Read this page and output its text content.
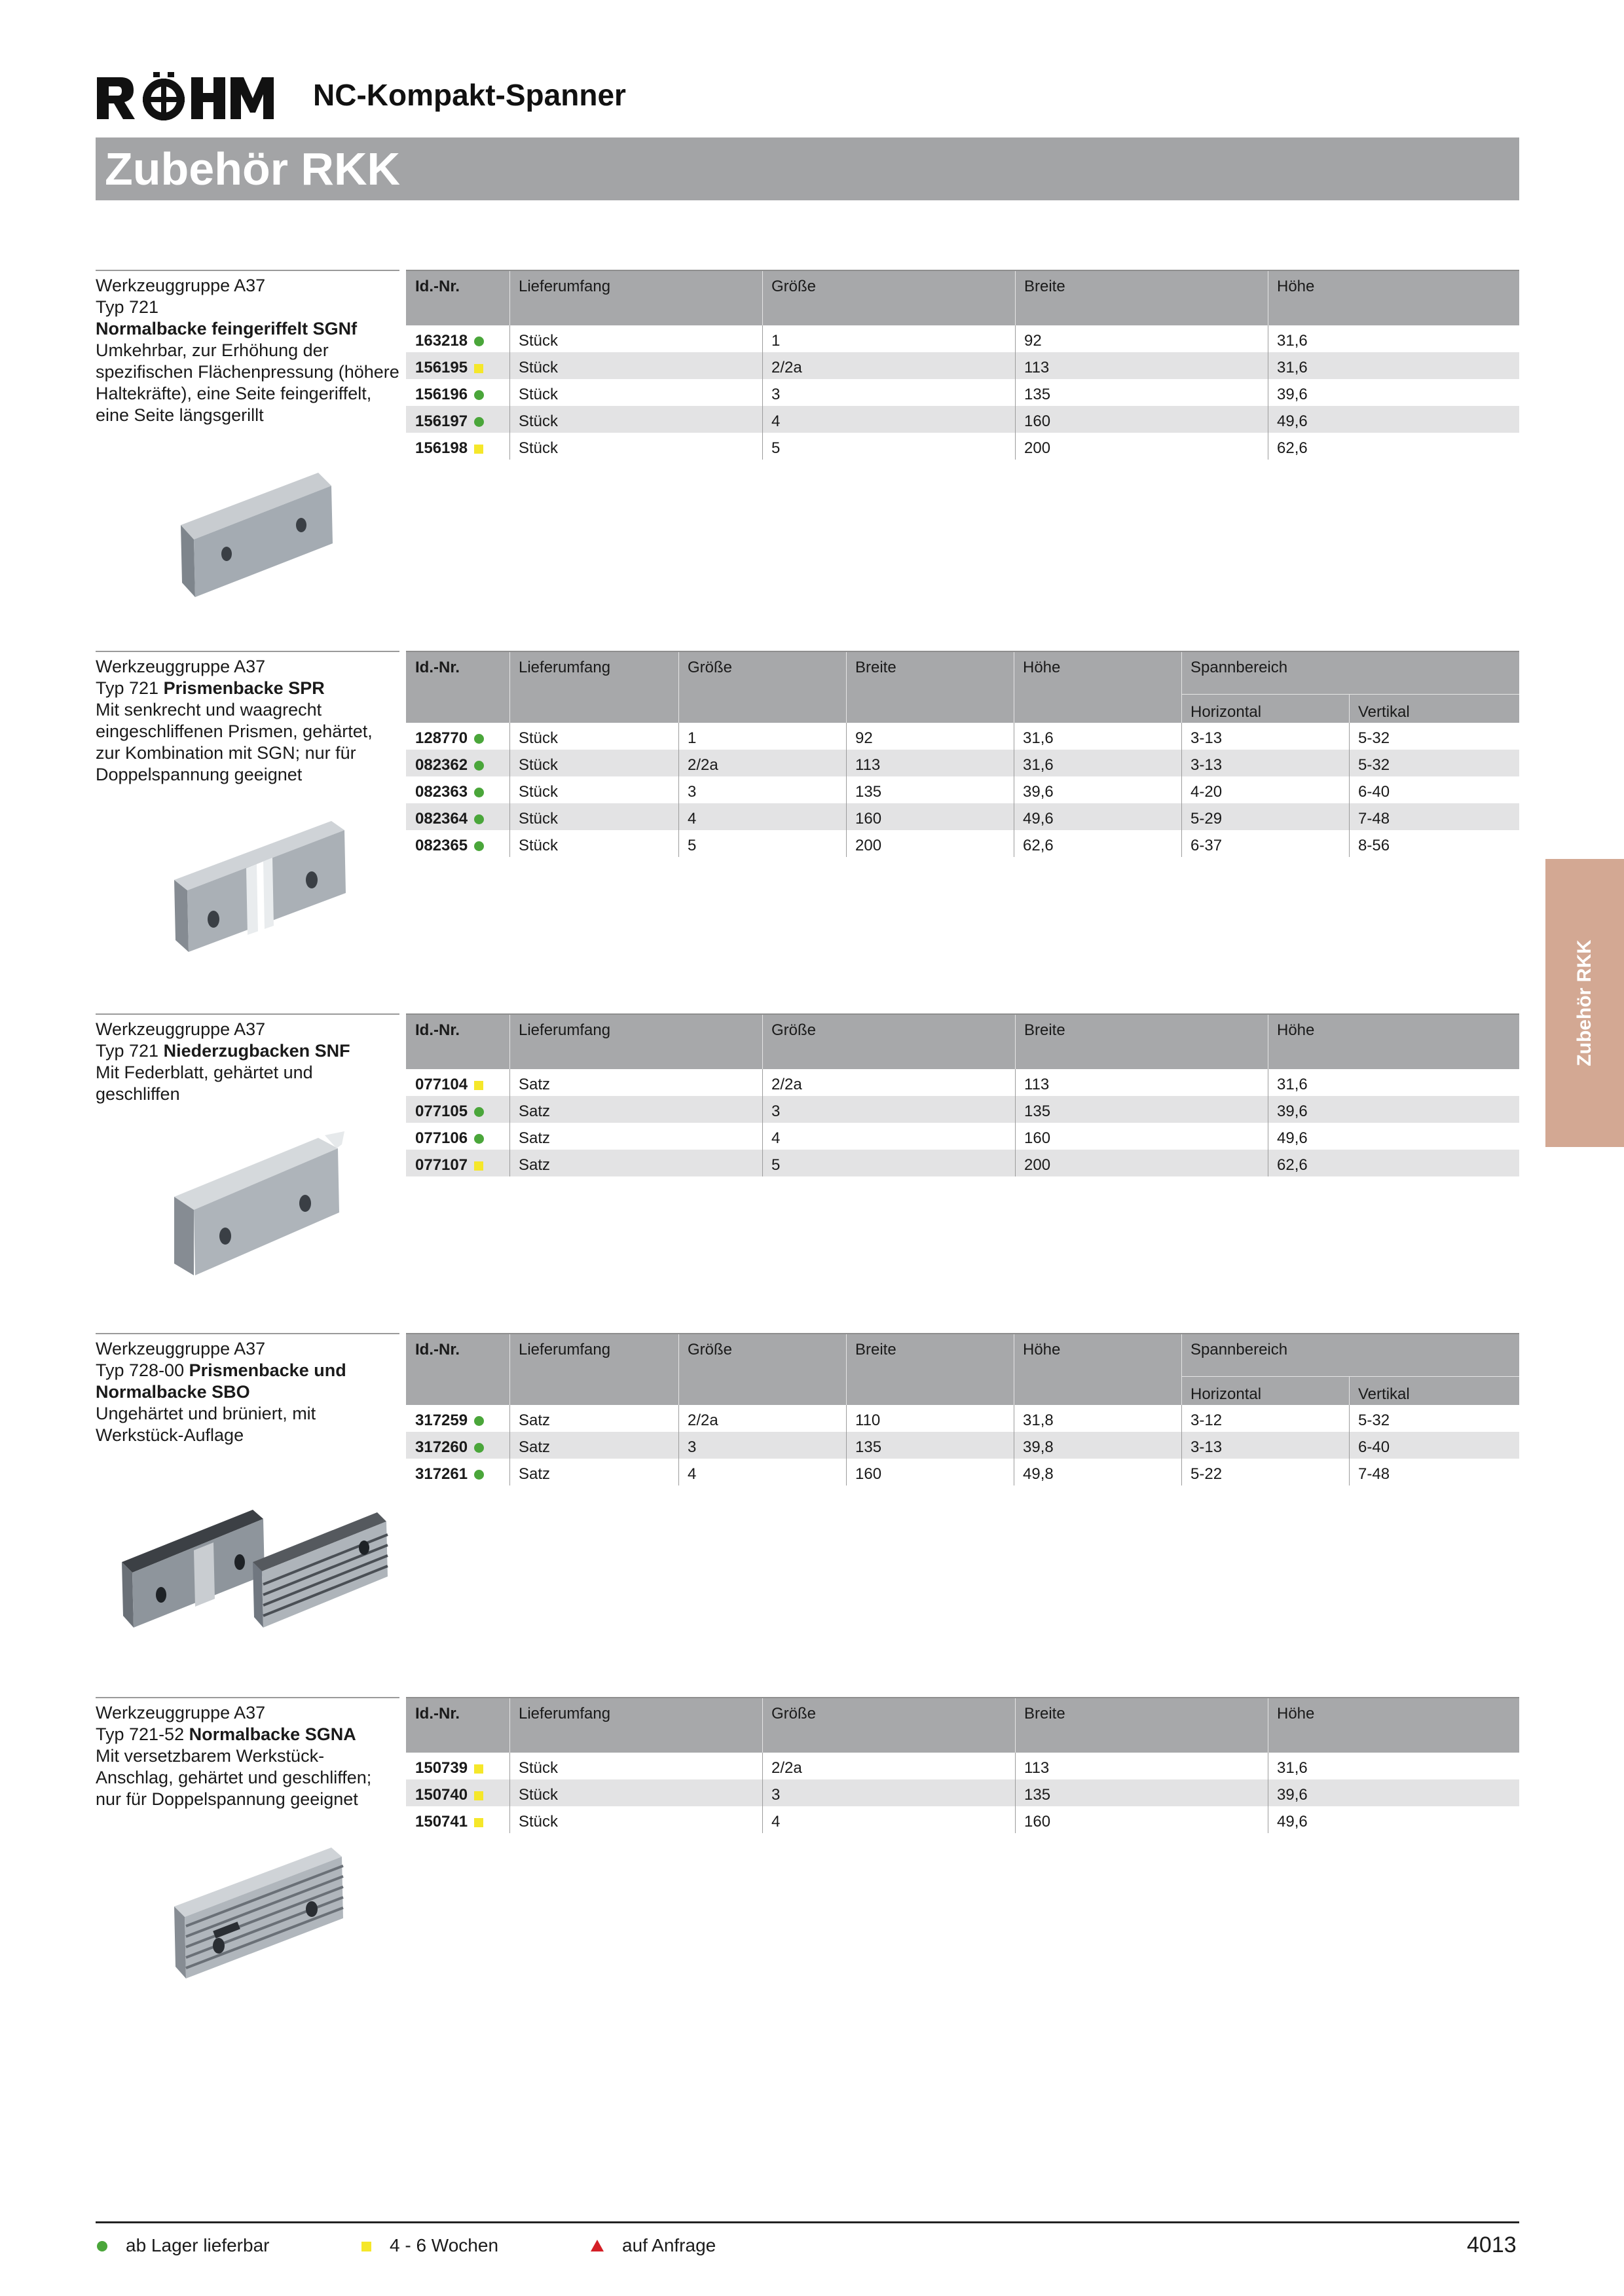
NC-Kompakt-Spanner
Zubehör RKK
Zubehör RKK
Werkzeuggruppe A37
Typ 721
Normalbacke feingeriffelt SGNf
Umkehrbar, zur Erhöhung der spezifischen Flächenpressung (höhere Haltekräfte), eine Seite feingeriffelt, eine Seite längsgerillt
Id.-Nr.	Lieferumfang	Größe	Breite	Höhe
163218	Stück	1	92	31,6
156195	Stück	2/2a	113	31,6
156196	Stück	3	135	39,6
156197	Stück	4	160	49,6
156198	Stück	5	200	62,6
Werkzeuggruppe A37
Typ 721 Prismenbacke SPR
Mit senkrecht und waagrecht eingeschliffenen Prismen, gehärtet, zur Kombination mit SGN; nur für Doppelspannung geeignet
Id.-Nr.	Lieferumfang	Größe	Breite	Höhe	Spannbereich
Horizontal	Vertikal
128770	Stück	1	92	31,6	3-13	5-32
082362	Stück	2/2a	113	31,6	3-13	5-32
082363	Stück	3	135	39,6	4-20	6-40
082364	Stück	4	160	49,6	5-29	7-48
082365	Stück	5	200	62,6	6-37	8-56
Werkzeuggruppe A37
Typ 721 Niederzugbacken SNF
Mit Federblatt, gehärtet und geschliffen
Id.-Nr.	Lieferumfang	Größe	Breite	Höhe
077104	Satz	2/2a	113	31,6
077105	Satz	3	135	39,6
077106	Satz	4	160	49,6
077107	Satz	5	200	62,6
Werkzeuggruppe A37
Typ 728-00 Prismenbacke und Normalbacke SBO
Ungehärtet und brüniert, mit Werkstück-Auflage
Id.-Nr.	Lieferumfang	Größe	Breite	Höhe	Spannbereich
Horizontal	Vertikal
317259	Satz	2/2a	110	31,8	3-12	5-32
317260	Satz	3	135	39,8	3-13	6-40
317261	Satz	4	160	49,8	5-22	7-48
Werkzeuggruppe A37
Typ 721-52 Normalbacke SGNA
Mit versetzbarem Werkstück-Anschlag, gehärtet und geschliffen; nur für Doppelspannung geeignet
Id.-Nr.	Lieferumfang	Größe	Breite	Höhe
150739	Stück	2/2a	113	31,6
150740	Stück	3	135	39,6
150741	Stück	4	160	49,6
ab Lager lieferbar	4 - 6 Wochen	auf Anfrage	4013
